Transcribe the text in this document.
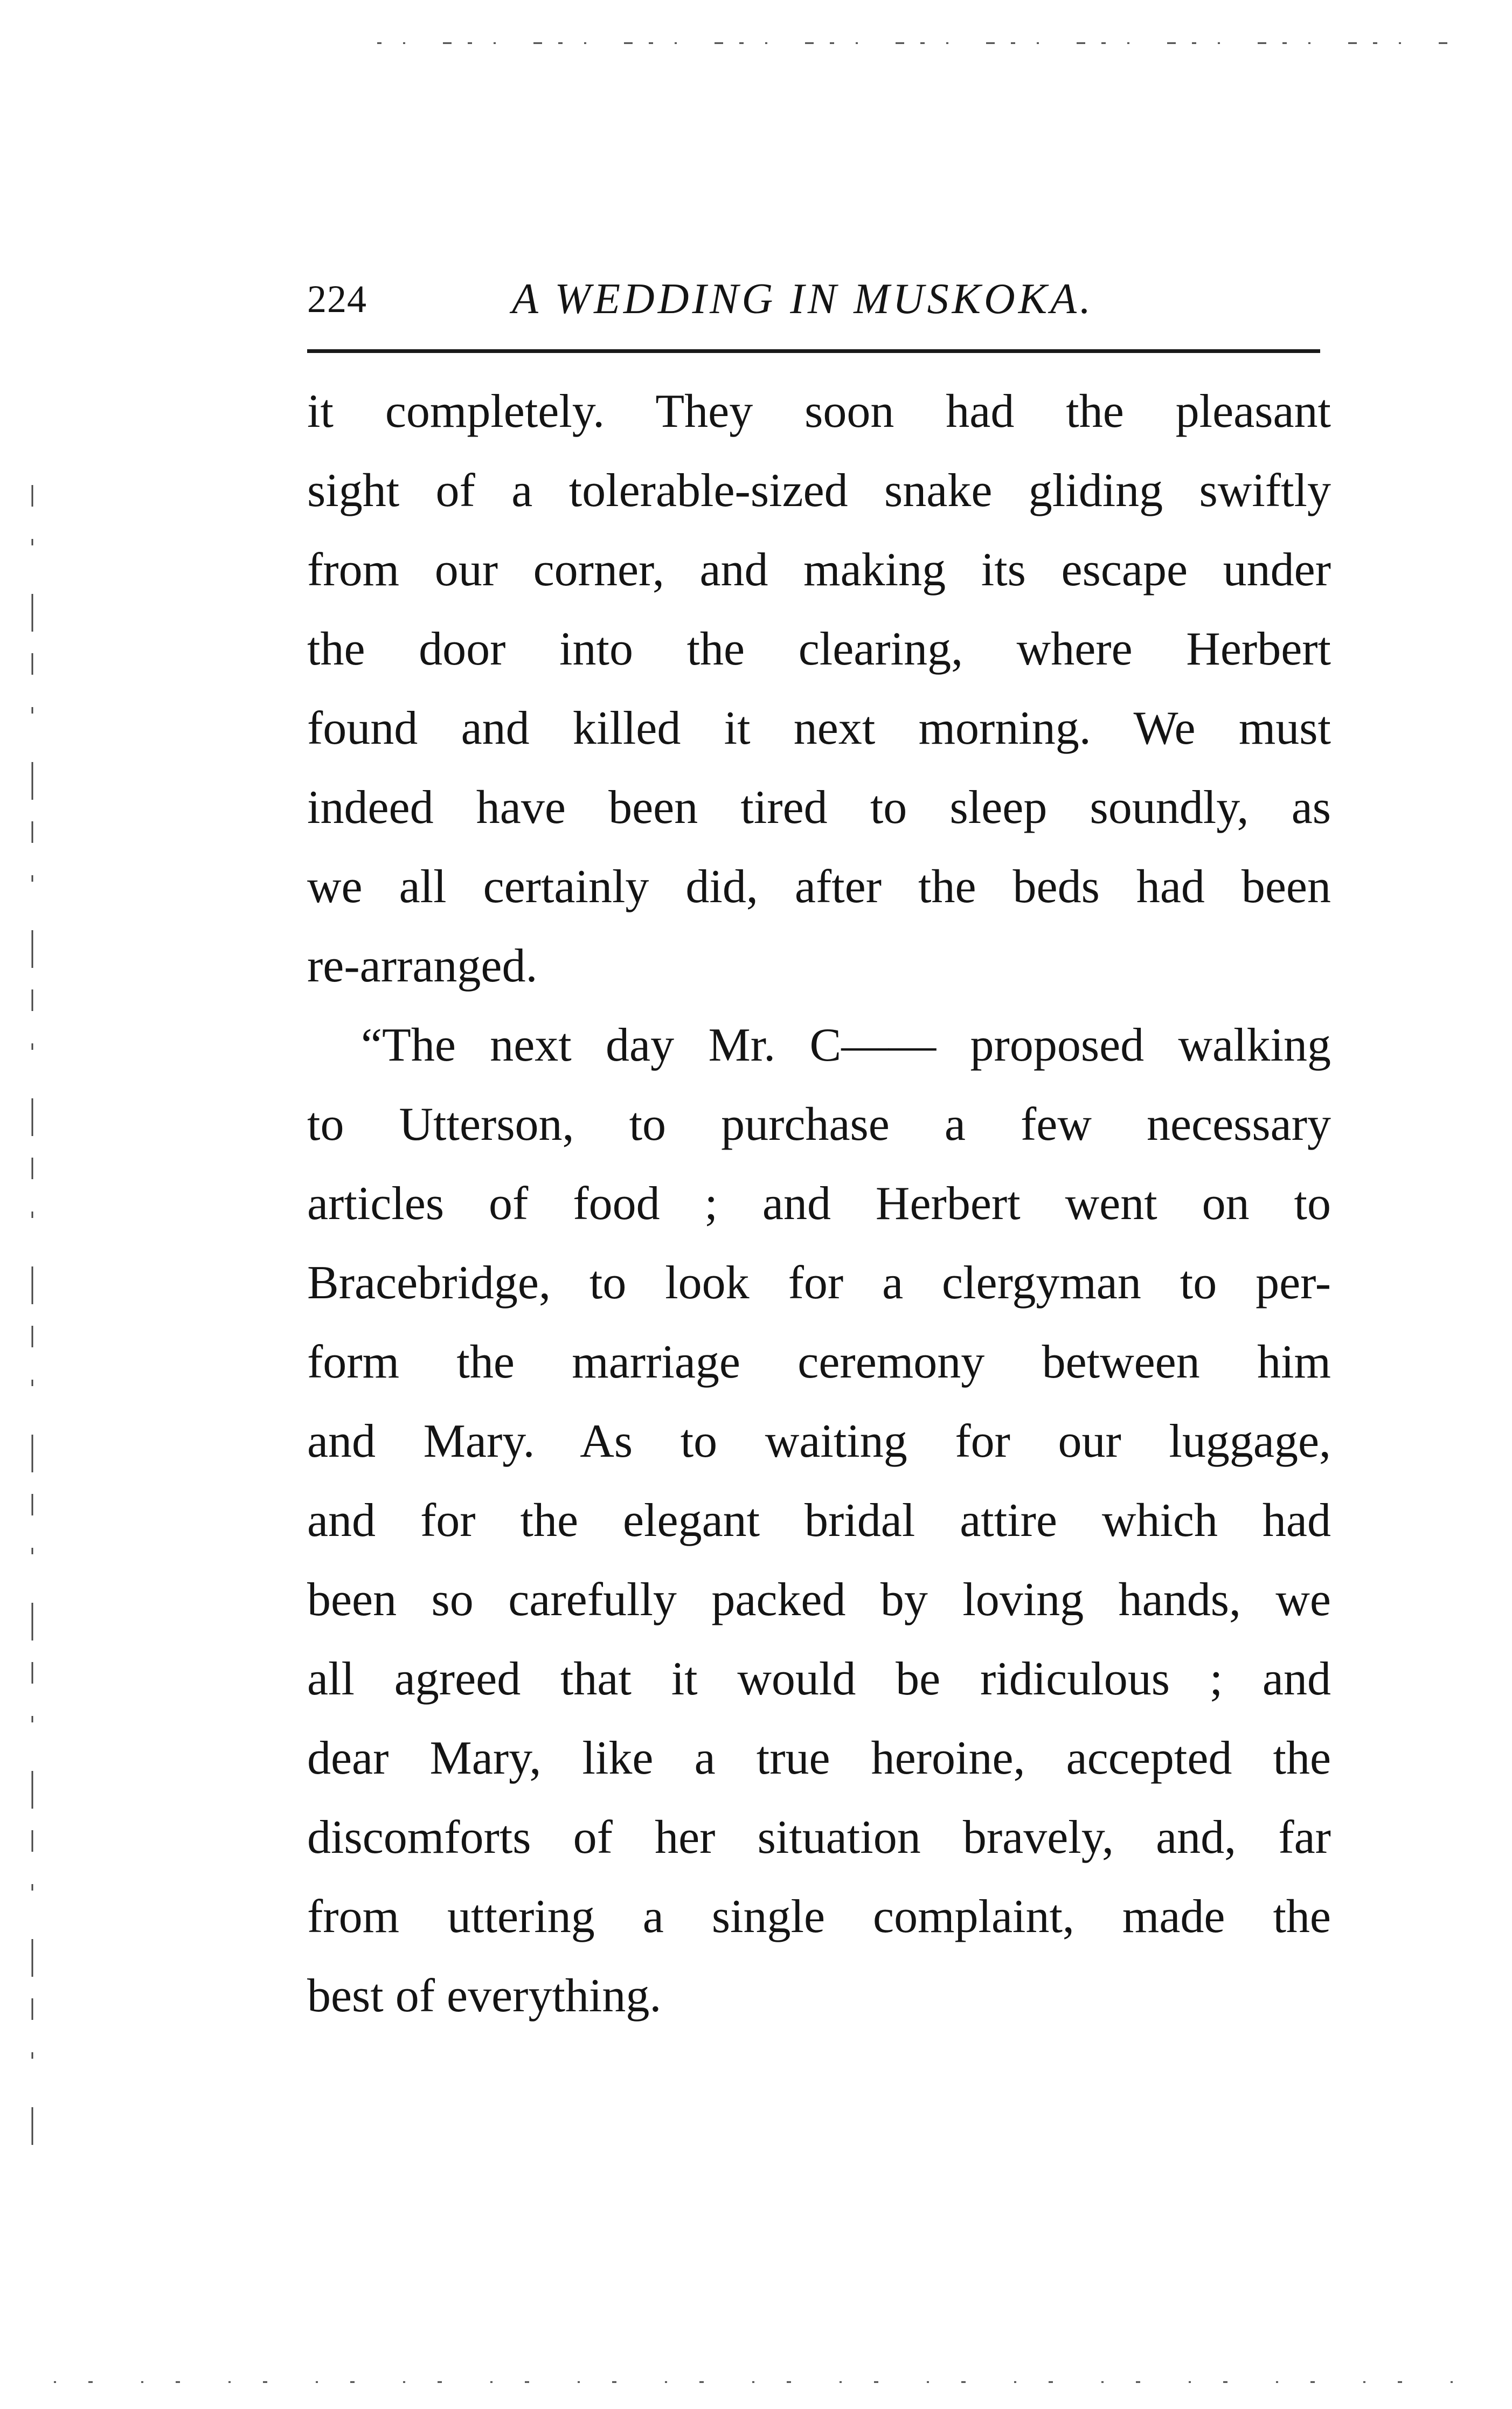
224	A WEDDING IN MUSKOKA.
it completely. They soon had the pleasant
sight of a tolerable-sized snake gliding swiftly
from our corner, and making its escape under
the door into the clearing, where Herbert
found and killed it next morning. We must
indeed have been tired to sleep soundly, as
we all certainly did, after the beds had been
re-arranged.
“The next day Mr. C—— proposed walking
to Utterson, to purchase a few necessary
articles of food ; and Herbert went on to
Bracebridge, to look for a clergyman to per-
form the marriage ceremony between him
and Mary. As to waiting for our luggage,
and for the elegant bridal attire which had
been so carefully packed by loving hands, we
all agreed that it would be ridiculous ; and
dear Mary, like a true heroine, accepted the
discomforts of her situation bravely, and, far
from uttering a single complaint, made the
best of everything.
